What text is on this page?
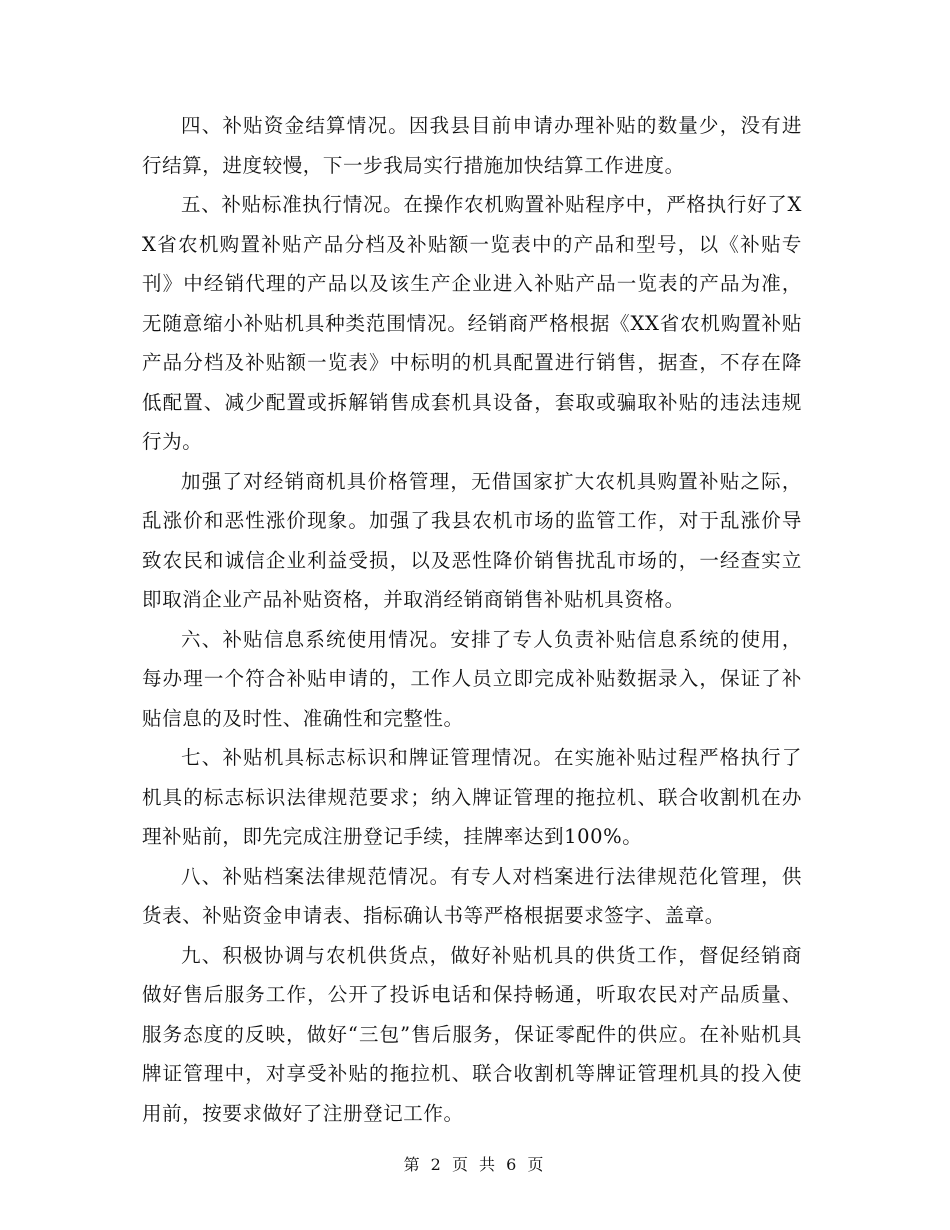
四、补贴资金结算情况。因我县目前申请办理补贴的数量少，没有进行结算，进度较慢，下一步我局实行措施加快结算工作进度。

五、补贴标准执行情况。在操作农机购置补贴程序中，严格执行好了XX省农机购置补贴产品分档及补贴额一览表中的产品和型号，以《补贴专刊》中经销代理的产品以及该生产企业进入补贴产品一览表的产品为准，无随意缩小补贴机具种类范围情况。经销商严格根据《XX省农机购置补贴产品分档及补贴额一览表》中标明的机具配置进行销售，据查，不存在降低配置、减少配置或拆解销售成套机具设备，套取或骗取补贴的违法违规行为。

加强了对经销商机具价格管理，无借国家扩大农机具购置补贴之际，乱涨价和恶性涨价现象。加强了我县农机市场的监管工作，对于乱涨价导致农民和诚信企业利益受损，以及恶性降价销售扰乱市场的，一经查实立即取消企业产品补贴资格，并取消经销商销售补贴机具资格。

六、补贴信息系统使用情况。安排了专人负责补贴信息系统的使用，每办理一个符合补贴申请的，工作人员立即完成补贴数据录入，保证了补贴信息的及时性、准确性和完整性。

七、补贴机具标志标识和牌证管理情况。在实施补贴过程严格执行了机具的标志标识法律规范要求；纳入牌证管理的拖拉机、联合收割机在办理补贴前，即先完成注册登记手续，挂牌率达到100%。

八、补贴档案法律规范情况。有专人对档案进行法律规范化管理，供货表、补贴资金申请表、指标确认书等严格根据要求签字、盖章。

九、积极协调与农机供货点，做好补贴机具的供货工作，督促经销商做好售后服务工作，公开了投诉电话和保持畅通，听取农民对产品质量、服务态度的反映，做好“三包”售后服务，保证零配件的供应。在补贴机具牌证管理中，对享受补贴的拖拉机、联合收割机等牌证管理机具的投入使用前，按要求做好了注册登记工作。

第 2 页 共 6 页
